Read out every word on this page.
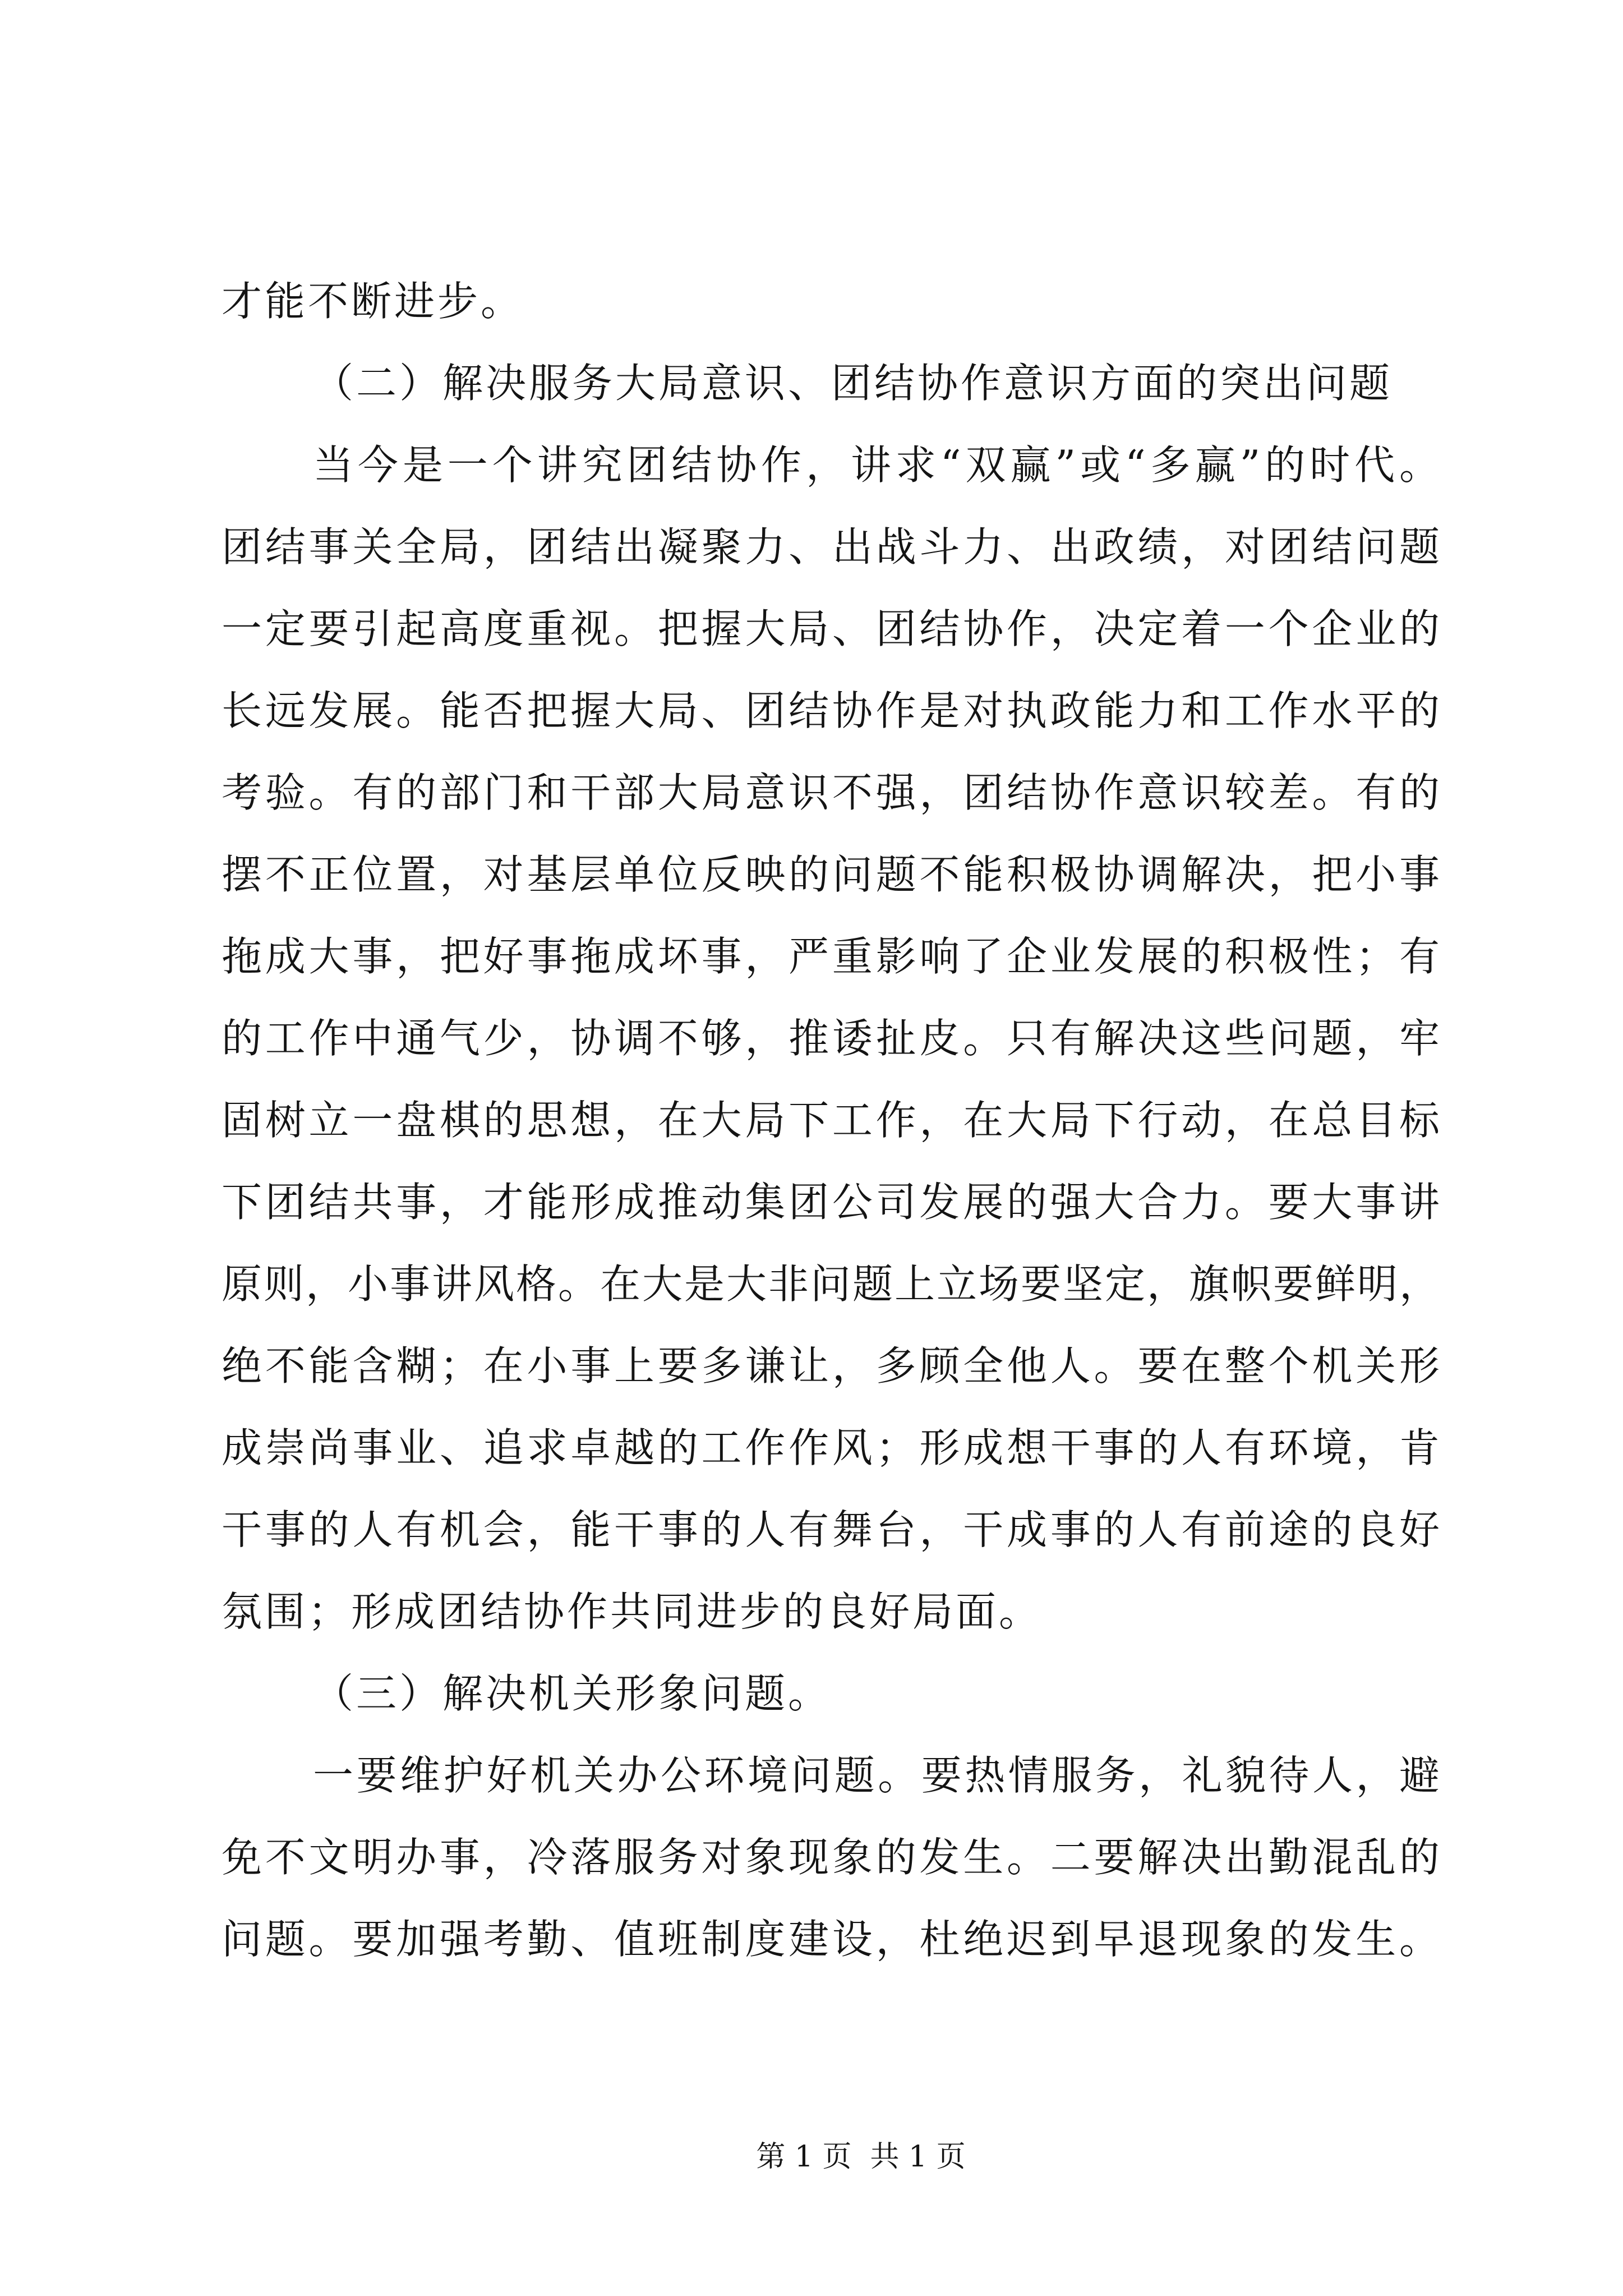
才能不断进步。
（二）解决服务大局意识、团结协作意识方面的突出问题
当今是一个讲究团结协作，讲求“双赢”或“多赢”的时代。
团结事关全局，团结出凝聚力、出战斗力、出政绩，对团结问题
一定要引起高度重视。把握大局、团结协作，决定着一个企业的
长远发展。能否把握大局、团结协作是对执政能力和工作水平的
考验。有的部门和干部大局意识不强，团结协作意识较差。有的
摆不正位置，对基层单位反映的问题不能积极协调解决，把小事
拖成大事，把好事拖成坏事，严重影响了企业发展的积极性；有
的工作中通气少，协调不够，推诿扯皮。只有解决这些问题，牢
固树立一盘棋的思想，在大局下工作，在大局下行动，在总目标
下团结共事，才能形成推动集团公司发展的强大合力。要大事讲
原则，小事讲风格。在大是大非问题上立场要坚定，旗帜要鲜明，
绝不能含糊；在小事上要多谦让，多顾全他人。要在整个机关形
成崇尚事业、追求卓越的工作作风；形成想干事的人有环境，肯
干事的人有机会，能干事的人有舞台，干成事的人有前途的良好
氛围；形成团结协作共同进步的良好局面。
（三）解决机关形象问题。
一要维护好机关办公环境问题。要热情服务，礼貌待人，避
免不文明办事，冷落服务对象现象的发生。二要解决出勤混乱的
问题。要加强考勤、值班制度建设，杜绝迟到早退现象的发生。
第 1 页  共 1 页
